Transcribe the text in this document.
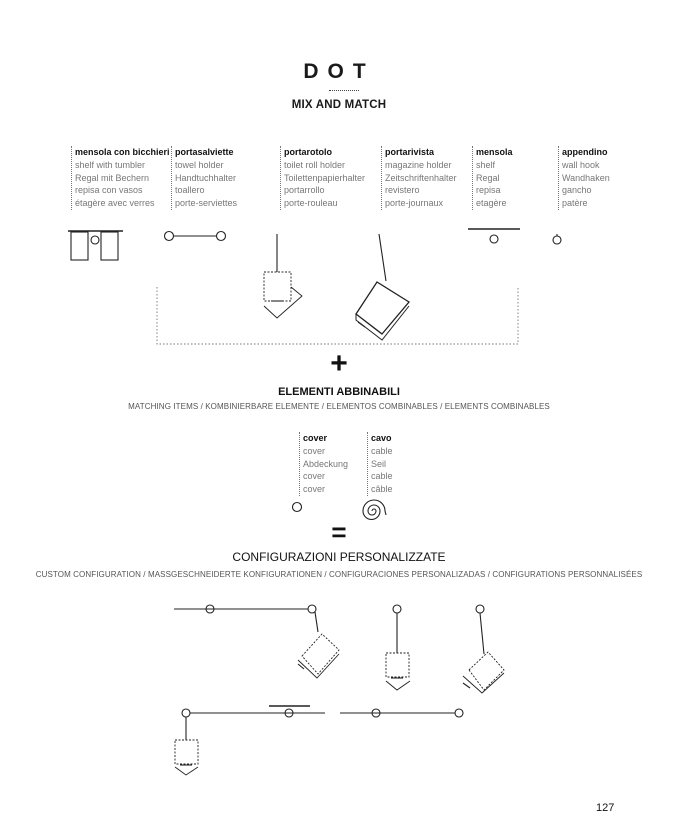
DOT
MIX AND MATCH
mensola con bicchieri
shelf with tumbler
Regal mit Bechern
repisa con vasos
étagère avec verres
portasalviette
towel holder
Handtuchhalter
toallero
porte-serviettes
portarotolo
toilet roll holder
Toilettenpapierhalter
portarrollo
porte-rouleau
portarivista
magazine holder
Zeitschriftenhalter
revistero
porte-journaux
mensola
shelf
Regal
repisa
etagère
appendino
wall hook
Wandhaken
gancho
patère
+
ELEMENTI ABBINABILI
MATCHING ITEMS / KOMBINIERBARE ELEMENTE / ELEMENTOS COMBINABLES / ELEMENTS COMBINABLES
cover
cover
Abdeckung
cover
cover
cavo
cable
Seil
cable
câble
=
CONFIGURAZIONI PERSONALIZZATE
CUSTOM CONFIGURATION / MASSGESCHNEIDERTE KONFIGURATIONEN / CONFIGURACIONES PERSONALIZADAS / CONFIGURATIONS PERSONNALISÉES
127
